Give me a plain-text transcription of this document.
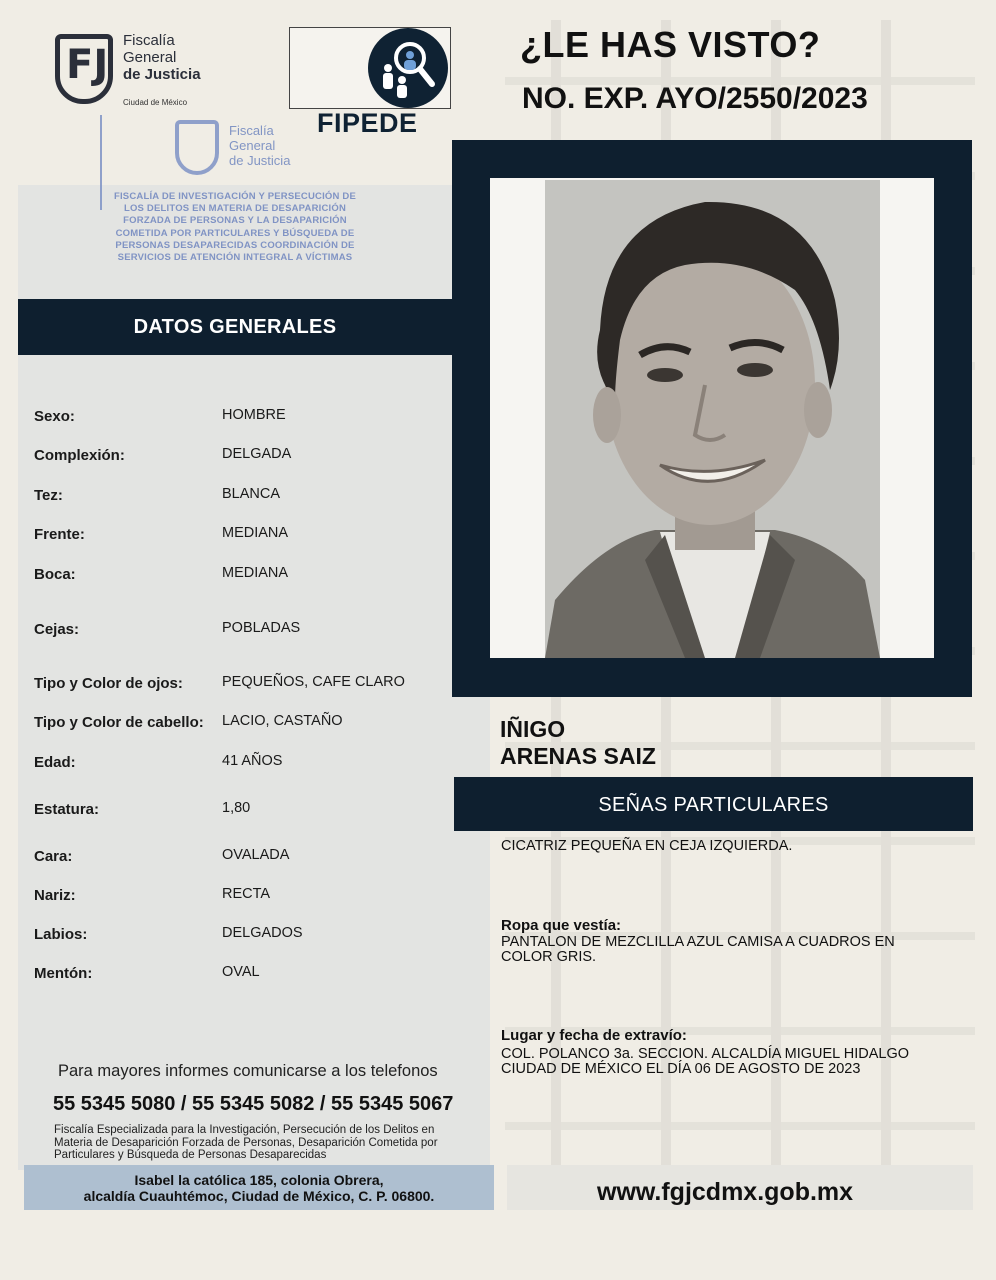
FJ
Fiscalía
General
de Justicia
Ciudad de México
FIPEDE
Fiscalía
General
de Justicia
FISCALÍA DE INVESTIGACIÓN Y PERSECUCIÓN DE LOS DELITOS EN MATERIA DE DESAPARICIÓN FORZADA DE PERSONAS Y LA DESAPARICIÓN COMETIDA POR PARTICULARES Y BÚSQUEDA DE PERSONAS DESAPARECIDAS COORDINACIÓN DE SERVICIOS DE ATENCIÓN INTEGRAL A VÍCTIMAS
¿LE HAS VISTO?
NO. EXP. AYO/2550/2023
DATOS GENERALES
Sexo:	HOMBRE
Complexión:	DELGADA
Tez:	BLANCA
Frente:	MEDIANA
Boca:	MEDIANA
Cejas:	POBLADAS
Tipo y Color de ojos:	PEQUEÑOS, CAFE CLARO
Tipo y Color de cabello: LACIO, CASTAÑO
Edad:	41 AÑOS
Estatura:	1,80
Cara:	OVALADA
Nariz:	RECTA
Labios:	DELGADOS
Mentón:	OVAL
IÑIGO
ARENAS SAIZ
SEÑAS PARTICULARES
CICATRIZ PEQUEÑA EN CEJA IZQUIERDA.
Ropa que vestía:
PANTALON DE MEZCLILLA AZUL CAMISA A CUADROS EN
COLOR GRIS.
Lugar y fecha de extravío:
COL. POLANCO 3a. SECCION. ALCALDÍA MIGUEL HIDALGO
CIUDAD DE MÉXICO EL DÍA 06 DE AGOSTO DE 2023
Para mayores informes comunicarse a los telefonos
55 5345 5080 / 55 5345 5082 / 55 5345 5067
Fiscalía Especializada para la Investigación, Persecución de los Delitos en
Materia de Desaparición Forzada de Personas, Desaparición Cometida por
Particulares y Búsqueda de Personas Desaparecidas
Isabel la católica 185, colonia Obrera,
alcaldía Cuauhtémoc, Ciudad de México, C. P. 06800.	www.fgjcdmx.gob.mx
